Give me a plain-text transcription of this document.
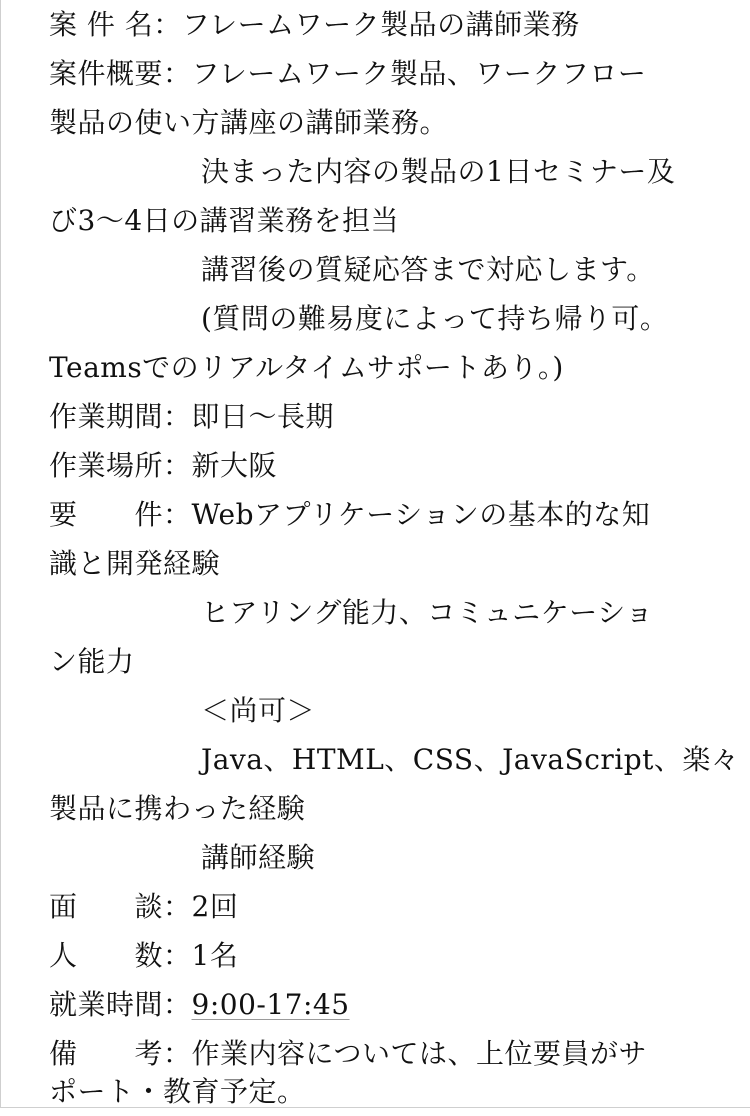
案 件 名：フレームワーク製品の講師業務
案件概要：フレームワーク製品、ワークフロー
製品の使い方講座の講師業務。
決まった内容の製品の1日セミナー及
び3～4日の講習業務を担当
講習後の質疑応答まで対応します。
(質問の難易度によって持ち帰り可。
Teamsでのリアルタイムサポートあり。)
作業期間：即日～長期
作業場所：新大阪
要　　件：Webアプリケーションの基本的な知
識と開発経験
ヒアリング能力、コミュニケーショ
ン能力
＜尚可＞
Java、HTML、CSS、JavaScript、楽々
製品に携わった経験
講師経験
面　　談：2回
人　　数：1名
就業時間：9:00-17:45
備　　考：作業内容については、上位要員がサ
ポート・教育予定。
